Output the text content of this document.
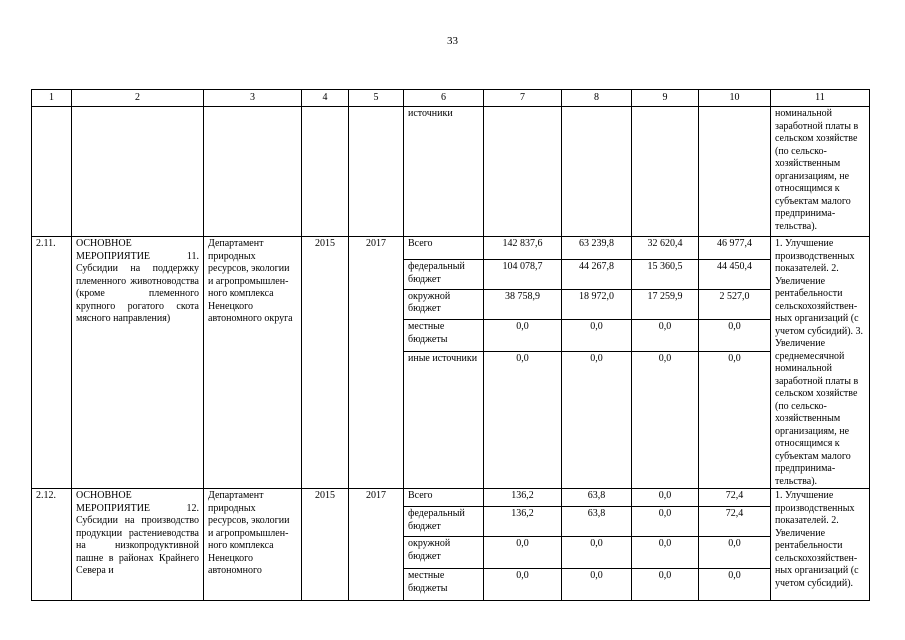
33
1	2	3	4	5	6	7	8	9	10	11
					источники					номинальной заработной платы в сельском хозяйстве (по сельско-хозяйственным организациям, не относящимся к субъектам малого предпринима-тельства).
2.11.	ОСНОВНОЕ МЕРОПРИЯТИЕ 11. Субсидии на поддержку племенного животноводства (кроме племенного крупного рогатого скота мясного направления)	Департамент природных ресурсов, экологии и агропромышлен-ного комплекса Ненецкого автономного округа	2015	2017	Всего	142 837,6	63 239,8	32 620,4	46 977,4	1. Улучшение производственных показателей. 2. Увеличение рентабельности сельскохозяйствен-ных организаций (с учетом субсидий). 3. Увеличение среднемесячной номинальной заработной платы в сельском хозяйстве (по сельско-хозяйственным организациям, не относящимся к субъектам малого предпринима-тельства).
					федеральный бюджет	104 078,7	44 267,8	15 360,5	44 450,4	
					окружной бюджет	38 758,9	18 972,0	17 259,9	2 527,0	
					местные бюджеты	0,0	0,0	0,0	0,0	
					иные источники	0,0	0,0	0,0	0,0	
2.12.	ОСНОВНОЕ МЕРОПРИЯТИЕ 12. Субсидии на производство продукции растениеводства на низкопродуктивной пашне в районах Крайнего Севера и	Департамент природных ресурсов, экологии и агропромышлен-ного комплекса Ненецкого автономного	2015	2017	Всего	136,2	63,8	0,0	72,4	1. Улучшение производственных показателей. 2. Увеличение рентабельности сельскохозяйствен-ных организаций (с учетом субсидий).
					федеральный бюджет	136,2	63,8	0,0	72,4	
					окружной бюджет	0,0	0,0	0,0	0,0	
					местные бюджеты	0,0	0,0	0,0	0,0	
